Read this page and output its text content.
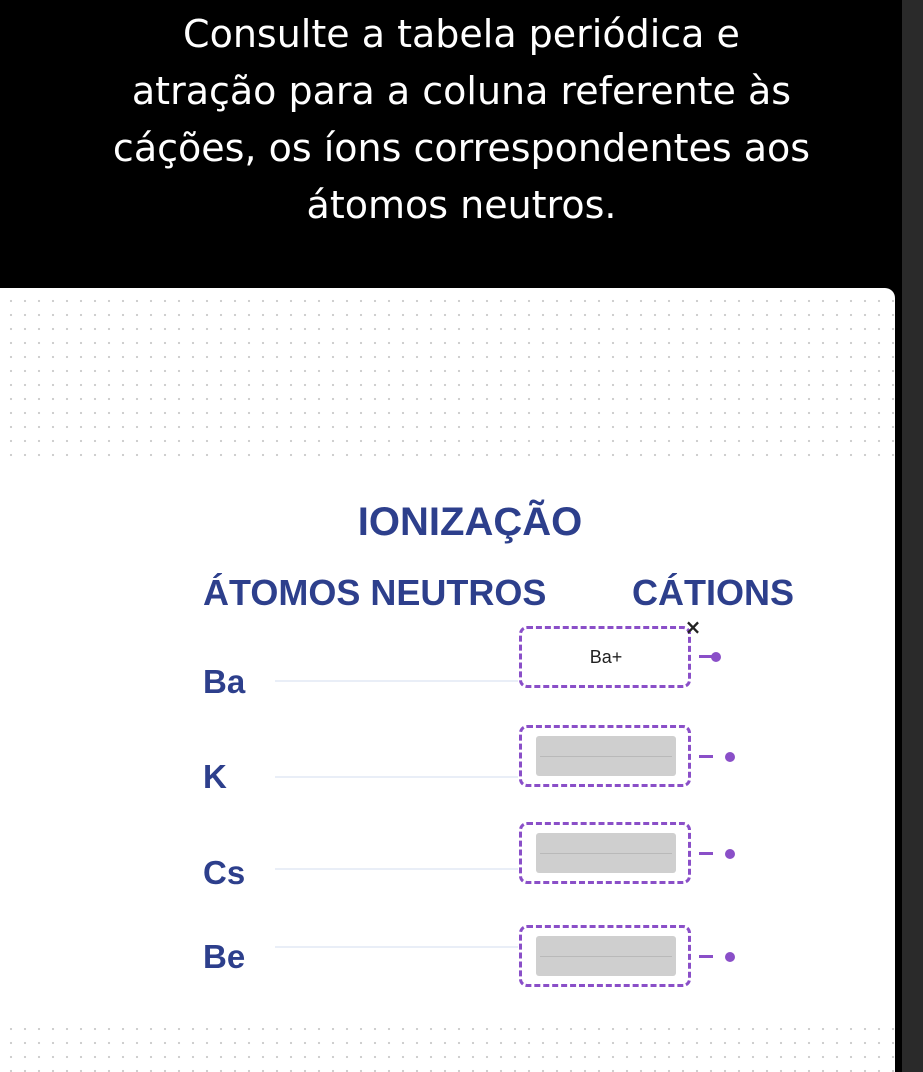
Consulte a tabela periódica e
atração para a coluna referente às
cáções, os íons correspondentes aos
átomos neutros.
IONIZAÇÃO
ÁTOMOS NEUTROS CÁTIONS
Ba
Ba+
×
K
Cs
Be
